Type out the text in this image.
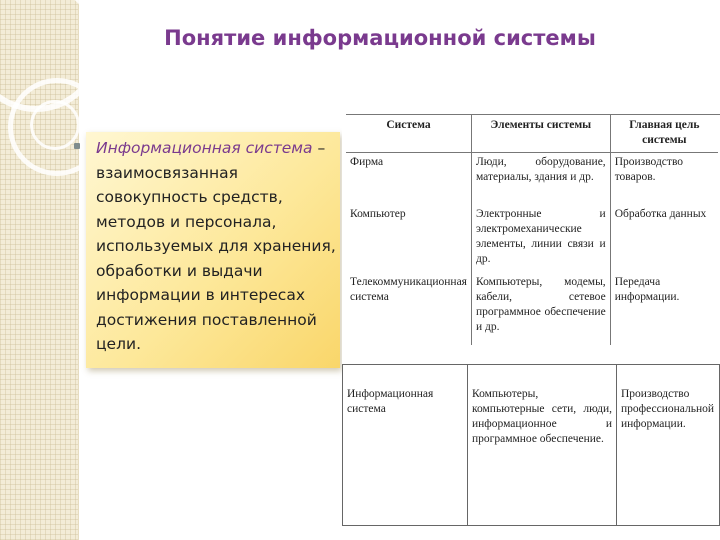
Понятие информационной системы
Информационная система – взаимосвязанная совокупность средств, методов и персонала, используемых для хранения, обработки и выдачи информации в интересах достижения поставленной цели.
Система	Элементы системы	Главная цель системы
Фирма	Люди, оборудование, материалы, здания и др.	Производство товаров.
Компьютер	Электронные и электромеханические элементы, линии связи и др.	Обработка данных
Телекоммуникационная система	Компьютеры, модемы, кабели, сетевое программное обеспечение и др.	Передача информации.
Информационная система	Компьютеры, компьютерные сети, люди, информационное и программное обеспечение.	Производство профессиональной информации.
